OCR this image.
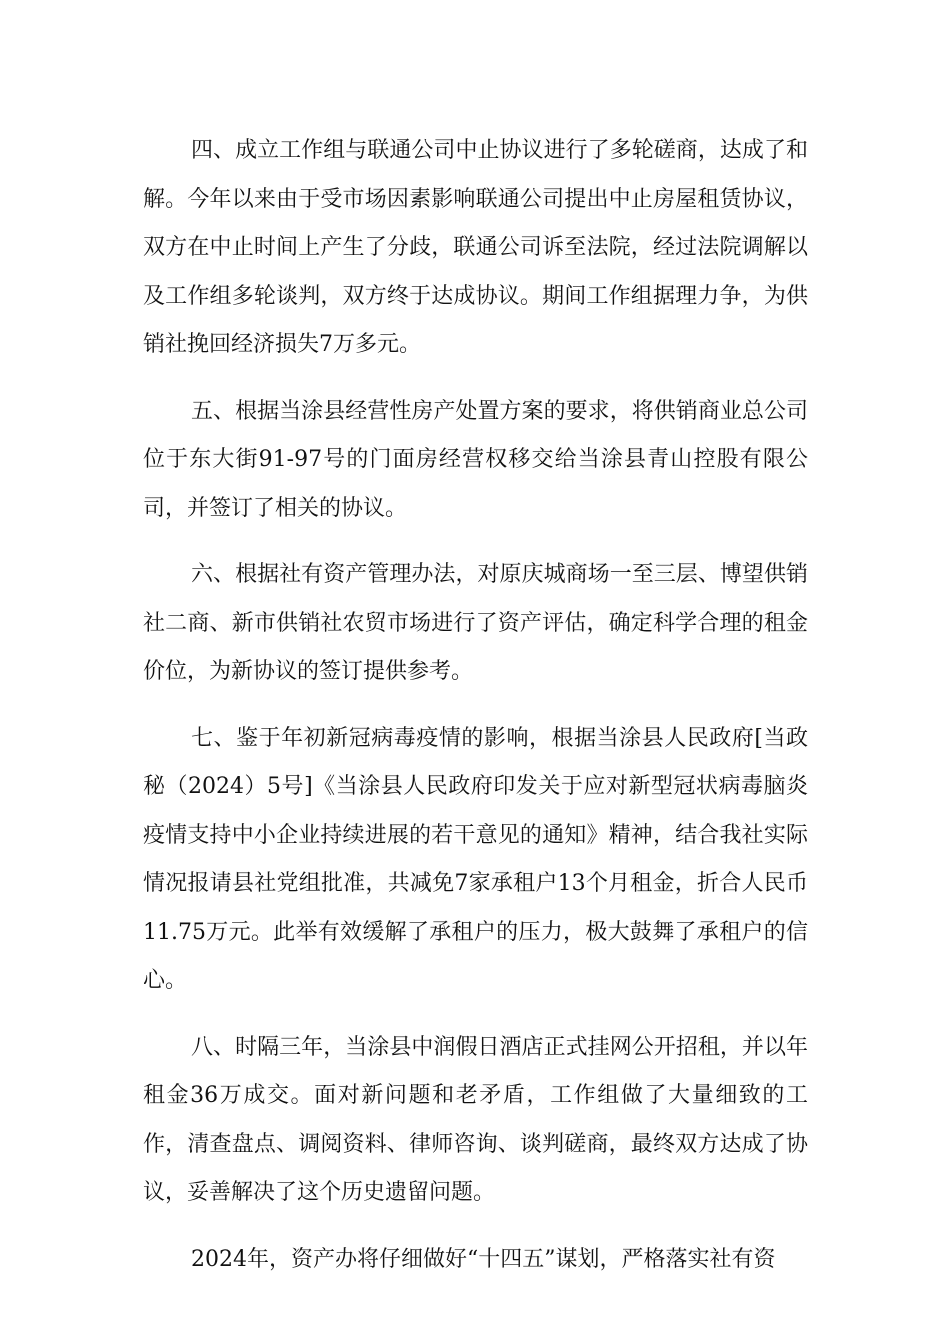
四、成立工作组与联通公司中止协议进行了多轮磋商，达成了和解。今年以来由于受市场因素影响联通公司提出中止房屋租赁协议，双方在中止时间上产生了分歧，联通公司诉至法院，经过法院调解以及工作组多轮谈判，双方终于达成协议。期间工作组据理力争，为供销社挽回经济损失7万多元。

五、根据当涂县经营性房产处置方案的要求，将供销商业总公司位于东大街91-97号的门面房经营权移交给当涂县青山控股有限公司，并签订了相关的协议。

六、根据社有资产管理办法，对原庆城商场一至三层、博望供销社二商、新市供销社农贸市场进行了资产评估，确定科学合理的租金价位，为新协议的签订提供参考。

七、鉴于年初新冠病毒疫情的影响，根据当涂县人民政府[当政秘（2024）5号]《当涂县人民政府印发关于应对新型冠状病毒脑炎疫情支持中小企业持续进展的若干意见的通知》精神，结合我社实际情况报请县社党组批准，共减免7家承租户13个月租金，折合人民币11.75万元。此举有效缓解了承租户的压力，极大鼓舞了承租户的信心。

八、时隔三年，当涂县中润假日酒店正式挂网公开招租，并以年租金36万成交。面对新问题和老矛盾，工作组做了大量细致的工作，清查盘点、调阅资料、律师咨询、谈判磋商，最终双方达成了协议，妥善解决了这个历史遗留问题。

2024年，资产办将仔细做好“十四五”谋划，严格落实社有资
